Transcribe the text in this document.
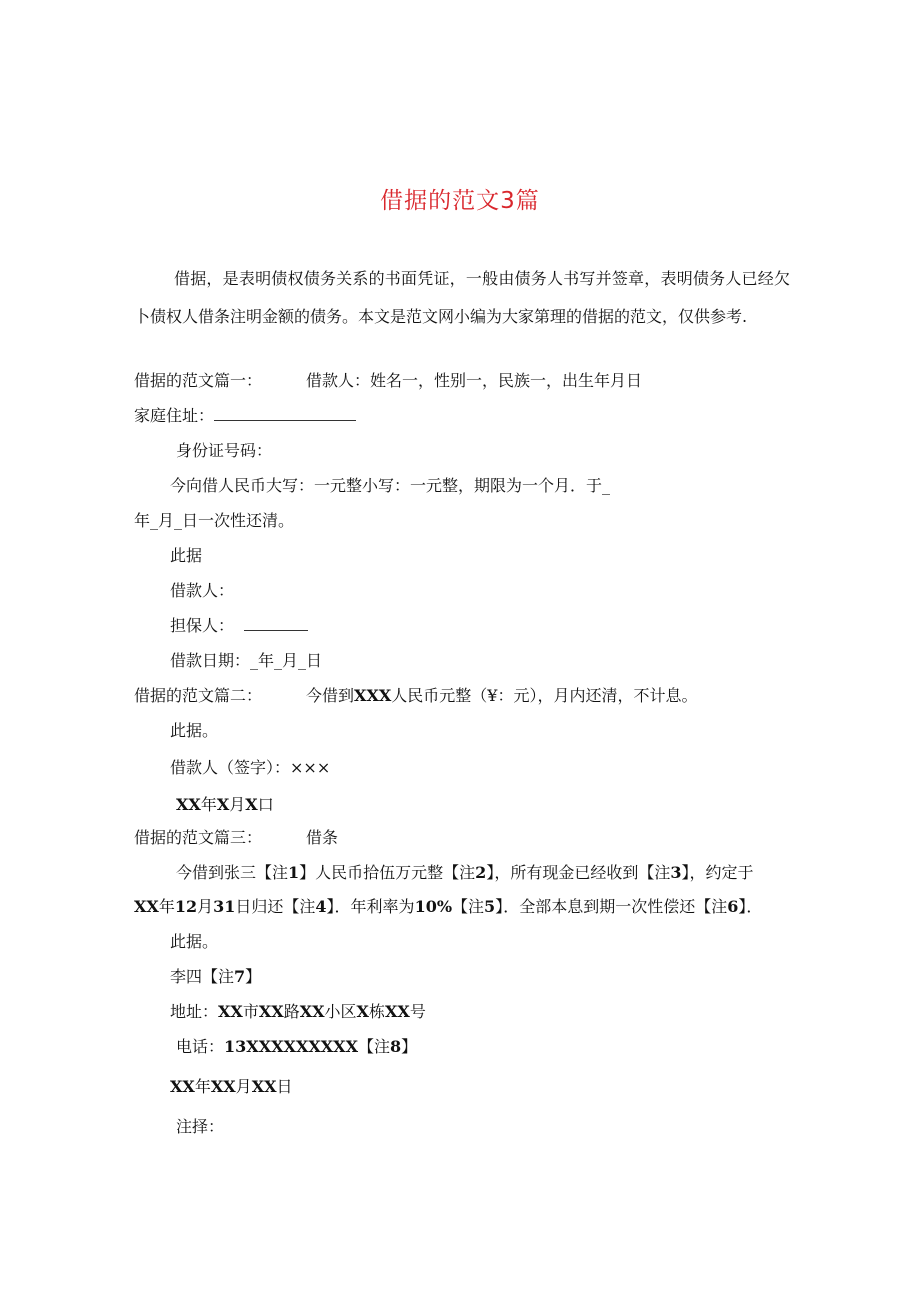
借据的范文3篇
借据，是表明债权债务关系的书面凭证，一般由债务人书写并签章，表明债务人已经欠卜债权人借条注明金额的债务。本文是范文网小编为大家第理的借据的范文，仅供参考.
借据的范文篇一：	借款人：姓名一，性别一，民族一，出生年月日
家庭住址：
身份证号码：
今向借人民币大写：一元整小写：一元整，期限为一个月．于_
年_月_日一次性还清。
此据
借款人：
担保人：
借款日期：_年_月_日
借据的范文篇二：	今借到XXX人民币元整（¥：元），月内还清，不计息。
此据。
借款人（签字）：×××
XX年X月X口
借据的范文篇三：	借条
今借到张三【注1】人民币拾伍万元整【注2】，所有现金已经收到【注3】，约定于
XX年12月31日归还【注4】．年利率为10%【注5】．全部本息到期一次性偿还【注6】．
此据。
李四【注7】
地址：XX市XX路XX小区X栋XX号
电话：13XXXXXXXXX【注8】
XX年XX月XX日
注择：
